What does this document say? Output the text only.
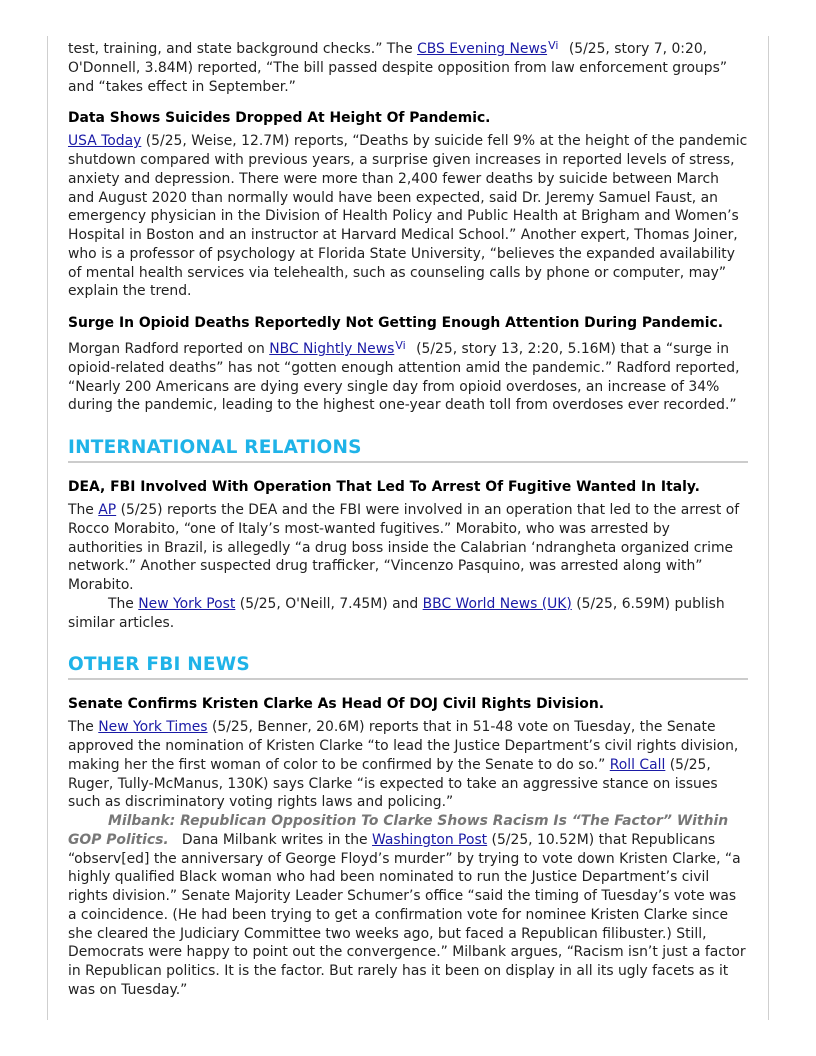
test, training, and state background checks.” The CBS Evening News$^{Vi}$ (5/25, story 7, 0:20, O'Donnell, 3.84M) reported, “The bill passed despite opposition from law enforcement groups” and “takes effect in September.”

Data Shows Suicides Dropped At Height Of Pandemic.

USA Today (5/25, Weise, 12.7M) reports, “Deaths by suicide fell 9% at the height of the pandemic shutdown compared with previous years, a surprise given increases in reported levels of stress, anxiety and depression. There were more than 2,400 fewer deaths by suicide between March and August 2020 than normally would have been expected, said Dr. Jeremy Samuel Faust, an emergency physician in the Division of Health Policy and Public Health at Brigham and Women’s Hospital in Boston and an instructor at Harvard Medical School.” Another expert, Thomas Joiner, who is a professor of psychology at Florida State University, “believes the expanded availability of mental health services via telehealth, such as counseling calls by phone or computer, may” explain the trend.

Surge In Opioid Deaths Reportedly Not Getting Enough Attention During Pandemic.

Morgan Radford reported on NBC Nightly News$^{Vi}$ (5/25, story 13, 2:20, 5.16M) that a “surge in opioid-related deaths” has not “gotten enough attention amid the pandemic.” Radford reported, “Nearly 200 Americans are dying every single day from opioid overdoses, an increase of 34% during the pandemic, leading to the highest one-year death toll from overdoses ever recorded.”

INTERNATIONAL RELATIONS
DEA, FBI Involved With Operation That Led To Arrest Of Fugitive Wanted In Italy.

The AP (5/25) reports the DEA and the FBI were involved in an operation that led to the arrest of Rocco Morabito, “one of Italy’s most-wanted fugitives.” Morabito, who was arrested by authorities in Brazil, is allegedly “a drug boss inside the Calabrian ‘ndrangheta organized crime network.” Another suspected drug trafficker, “Vincenzo Pasquino, was arrested along with” Morabito.

The New York Post (5/25, O'Neill, 7.45M) and BBC World News (UK) (5/25, 6.59M) publish similar articles.

OTHER FBI NEWS
Senate Confirms Kristen Clarke As Head Of DOJ Civil Rights Division.

The New York Times (5/25, Benner, 20.6M) reports that in 51-48 vote on Tuesday, the Senate approved the nomination of Kristen Clarke “to lead the Justice Department’s civil rights division, making her the first woman of color to be confirmed by the Senate to do so.” Roll Call (5/25, Ruger, Tully-McManus, 130K) says Clarke “is expected to take an aggressive stance on issues such as discriminatory voting rights laws and policing.”

Milbank: Republican Opposition To Clarke Shows Racism Is “The Factor” Within GOP Politics.   Dana Milbank writes in the Washington Post (5/25, 10.52M) that Republicans “observ[ed] the anniversary of George Floyd’s murder” by trying to vote down Kristen Clarke, “a highly qualified Black woman who had been nominated to run the Justice Department’s civil rights division.” Senate Majority Leader Schumer’s office “said the timing of Tuesday’s vote was a coincidence. (He had been trying to get a confirmation vote for nominee Kristen Clarke since she cleared the Judiciary Committee two weeks ago, but faced a Republican filibuster.) Still, Democrats were happy to point out the convergence.” Milbank argues, “Racism isn’t just a factor in Republican politics. It is the factor. But rarely has it been on display in all its ugly facets as it was on Tuesday.”
